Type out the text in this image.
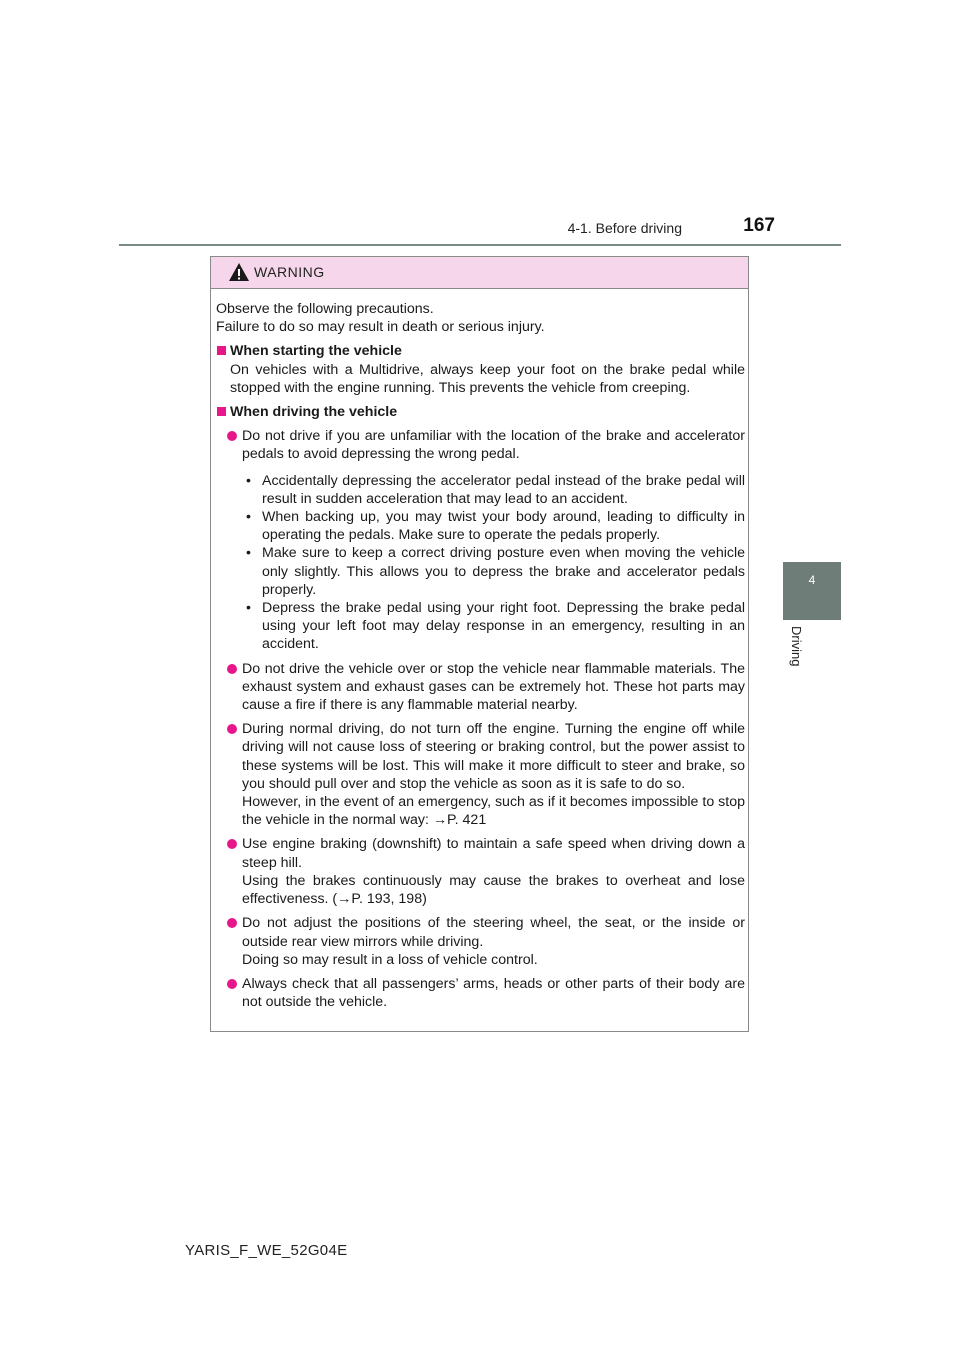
4-1. Before driving	167
4
Driving
WARNING

Observe the following precautions.

Failure to do so may result in death or serious injury.

When starting the vehicle

On vehicles with a Multidrive, always keep your foot on the brake pedal while stopped with the engine running. This prevents the vehicle from creeping.

When driving the vehicle

Do not drive if you are unfamiliar with the location of the brake and accelerator pedals to avoid depressing the wrong pedal.
• Accidentally depressing the accelerator pedal instead of the brake pedal will result in sudden acceleration that may lead to an accident.
• When backing up, you may twist your body around, leading to difficulty in operating the pedals. Make sure to operate the pedals properly.
• Make sure to keep a correct driving posture even when moving the vehicle only slightly. This allows you to depress the brake and accelerator pedals properly.
• Depress the brake pedal using your right foot. Depressing the brake pedal using your left foot may delay response in an emergency, resulting in an accident.
Do not drive the vehicle over or stop the vehicle near flammable materials. The exhaust system and exhaust gases can be extremely hot. These hot parts may cause a fire if there is any flammable material nearby.
During normal driving, do not turn off the engine. Turning the engine off while driving will not cause loss of steering or braking control, but the power assist to these systems will be lost. This will make it more difficult to steer and brake, so you should pull over and stop the vehicle as soon as it is safe to do so.
However, in the event of an emergency, such as if it becomes impossible to stop the vehicle in the normal way: →P. 421
Use engine braking (downshift) to maintain a safe speed when driving down a steep hill.
Using the brakes continuously may cause the brakes to overheat and lose effectiveness. (→P. 193, 198)
Do not adjust the positions of the steering wheel, the seat, or the inside or outside rear view mirrors while driving.
Doing so may result in a loss of vehicle control.
Always check that all passengers’ arms, heads or other parts of their body are not outside the vehicle.
YARIS_F_WE_52G04E
